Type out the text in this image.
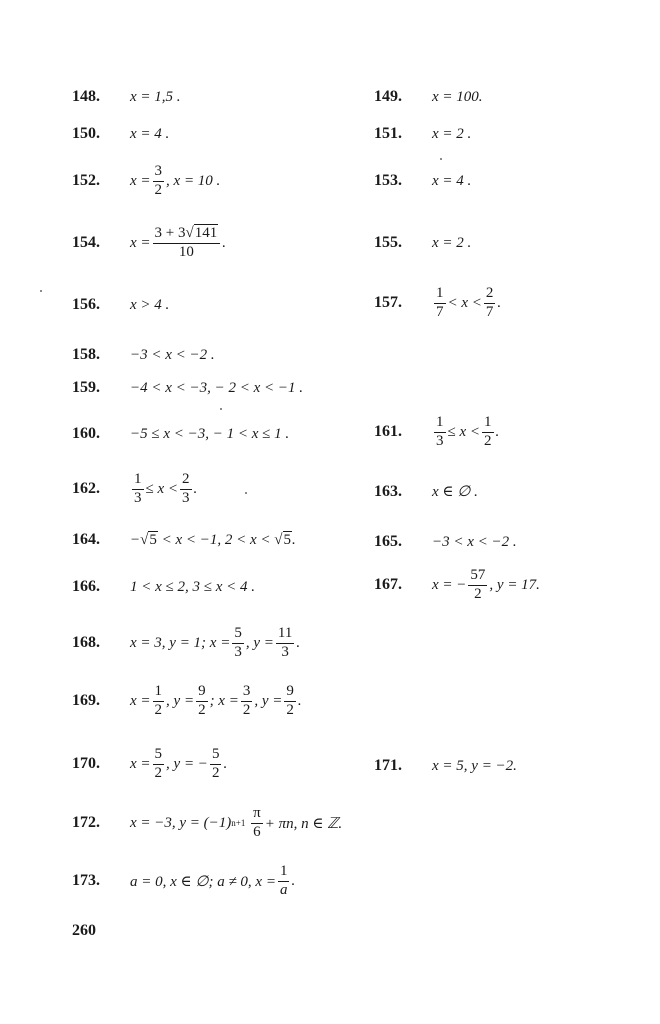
148.	x = 1,5 .	149.	x = 100.
150.	x = 4 .	151.	x = 2 .
152.	$x = \frac{3}{2}$ , x = 10 .	153.	x = 4 .
154.	$x = \frac{3 + 3√141}{10}$ .	155.	x = 2 .
156.	x > 4 .	157.	$\frac{1}{7} < x < \frac{2}{7}$ .
158.	−3 < x < −2 .
159.	−4 < x < −3, − 2 < x < −1 .
160.	−5 ≤ x < −3, − 1 < x ≤ 1 .	161.	$\frac{1}{3} \le x < \frac{1}{2}$ .
162.	$\frac{1}{3} \le x < \frac{2}{3}$ .	163.	x ∈ ∅ .
164.	− √5
< x < −1, 2 < x <
√5 .	165.	−3 < x < −2 .
166.	1 < x ≤ 2, 3 ≤ x < 4 .	167.	x = − $\frac{57}{2}$ , y = 17.
168.	x = 3, y = 1; $x = \frac{5}{3}$ , $y = \frac{11}{3}$ .
169.	$x = \frac{1}{2}$ , $y = \frac{9}{2}$ ; $x = \frac{3}{2}$ , $y = \frac{9}{2}$ .
170.	$x = \frac{5}{2}$ , y = − $\frac{5}{2}$ .	171.	x = 5, y = −2.
172.	x = −3, y = (−1) n+1
$\frac{\pi}{6} + \pi n$, n ∈ ℤ.
173.	a = 0, x ∈ ∅; a ≠ 0, $x = \frac{1}{a}$ .
260
